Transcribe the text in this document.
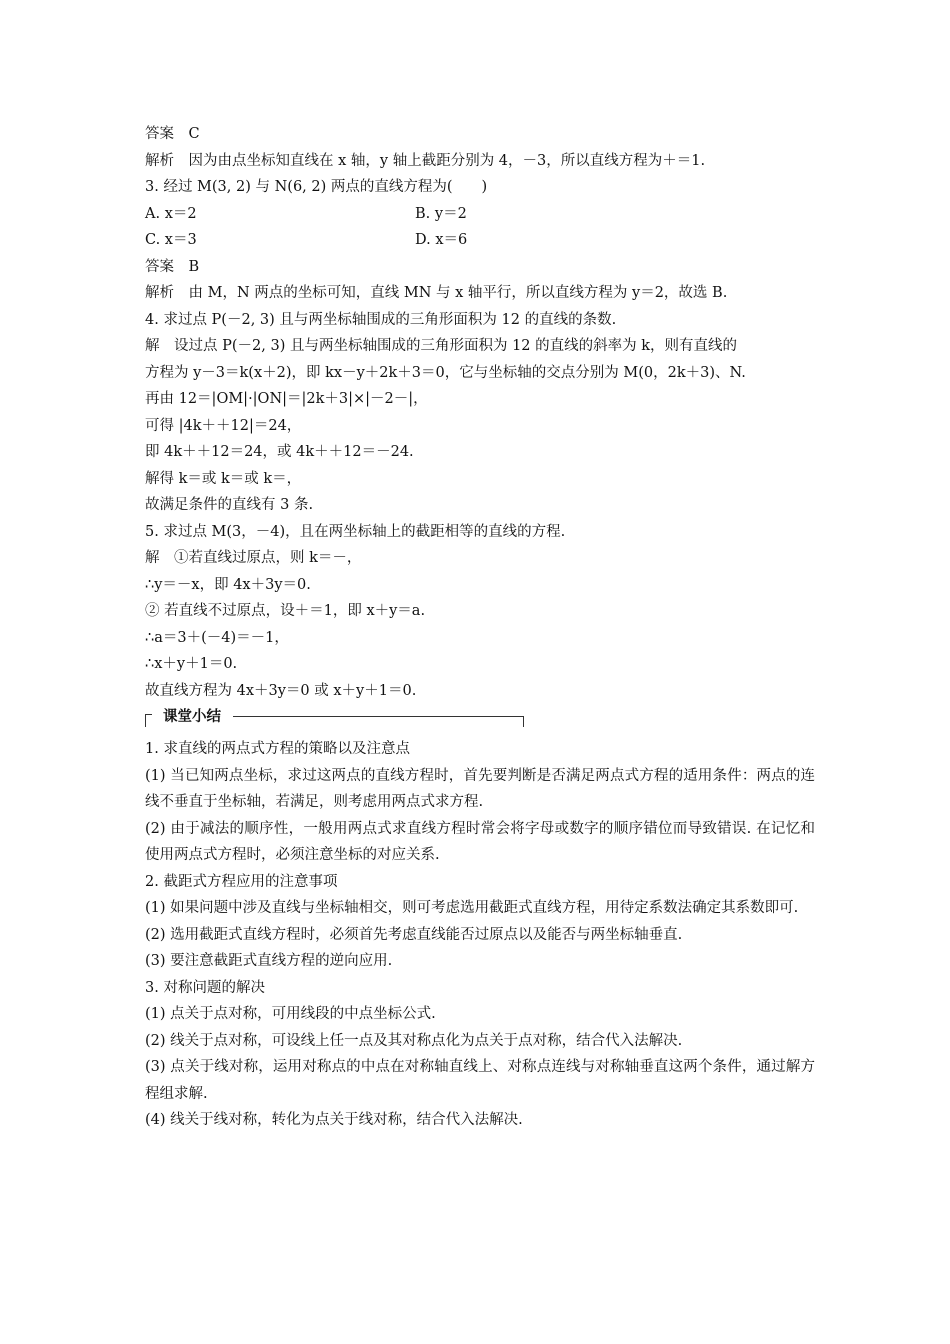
答案　C
解析　因为由点坐标知直线在 x 轴，y 轴上截距分别为 4，－3，所以直线方程为＋＝1.
3. 经过 M(3, 2) 与 N(6, 2) 两点的直线方程为(　　)
A. x＝2	B. y＝2
C. x＝3	D. x＝6
答案　B
解析　由 M，N 两点的坐标可知，直线 MN 与 x 轴平行，所以直线方程为 y＝2，故选 B.
4. 求过点 P(－2, 3) 且与两坐标轴围成的三角形面积为 12 的直线的条数.
解　设过点 P(－2, 3) 且与两坐标轴围成的三角形面积为 12 的直线的斜率为 k，则有直线的
方程为 y－3＝k(x＋2)，即 kx－y＋2k＋3＝0，它与坐标轴的交点分别为 M(0，2k＋3)、N.
再由 12＝|OM|·|ON|＝|2k＋3|×|－2－|，
可得 |4k＋＋12|＝24，
即 4k＋＋12＝24，或 4k＋＋12＝－24.
解得 k＝或 k＝或 k＝，
故满足条件的直线有 3 条.
5. 求过点 M(3，－4)，且在两坐标轴上的截距相等的直线的方程.
解　①若直线过原点，则 k＝－，
∴y＝－x，即 4x＋3y＝0.
② 若直线不过原点，设＋＝1，即 x＋y＝a.
∴a＝3＋(－4)＝－1，
∴x＋y＋1＝0.
故直线方程为 4x＋3y＝0 或 x＋y＋1＝0.
课堂小结
1. 求直线的两点式方程的策略以及注意点
(1) 当已知两点坐标，求过这两点的直线方程时，首先要判断是否满足两点式方程的适用条件：两点的连线不垂直于坐标轴，若满足，则考虑用两点式求方程.
(2) 由于减法的顺序性，一般用两点式求直线方程时常会将字母或数字的顺序错位而导致错误. 在记忆和使用两点式方程时，必须注意坐标的对应关系.
2. 截距式方程应用的注意事项
(1) 如果问题中涉及直线与坐标轴相交，则可考虑选用截距式直线方程，用待定系数法确定其系数即可.
(2) 选用截距式直线方程时，必须首先考虑直线能否过原点以及能否与两坐标轴垂直.
(3) 要注意截距式直线方程的逆向应用.
3. 对称问题的解决
(1) 点关于点对称，可用线段的中点坐标公式.
(2) 线关于点对称，可设线上任一点及其对称点化为点关于点对称，结合代入法解决.
(3) 点关于线对称，运用对称点的中点在对称轴直线上、对称点连线与对称轴垂直这两个条件，通过解方程组求解.
(4) 线关于线对称，转化为点关于线对称，结合代入法解决.
